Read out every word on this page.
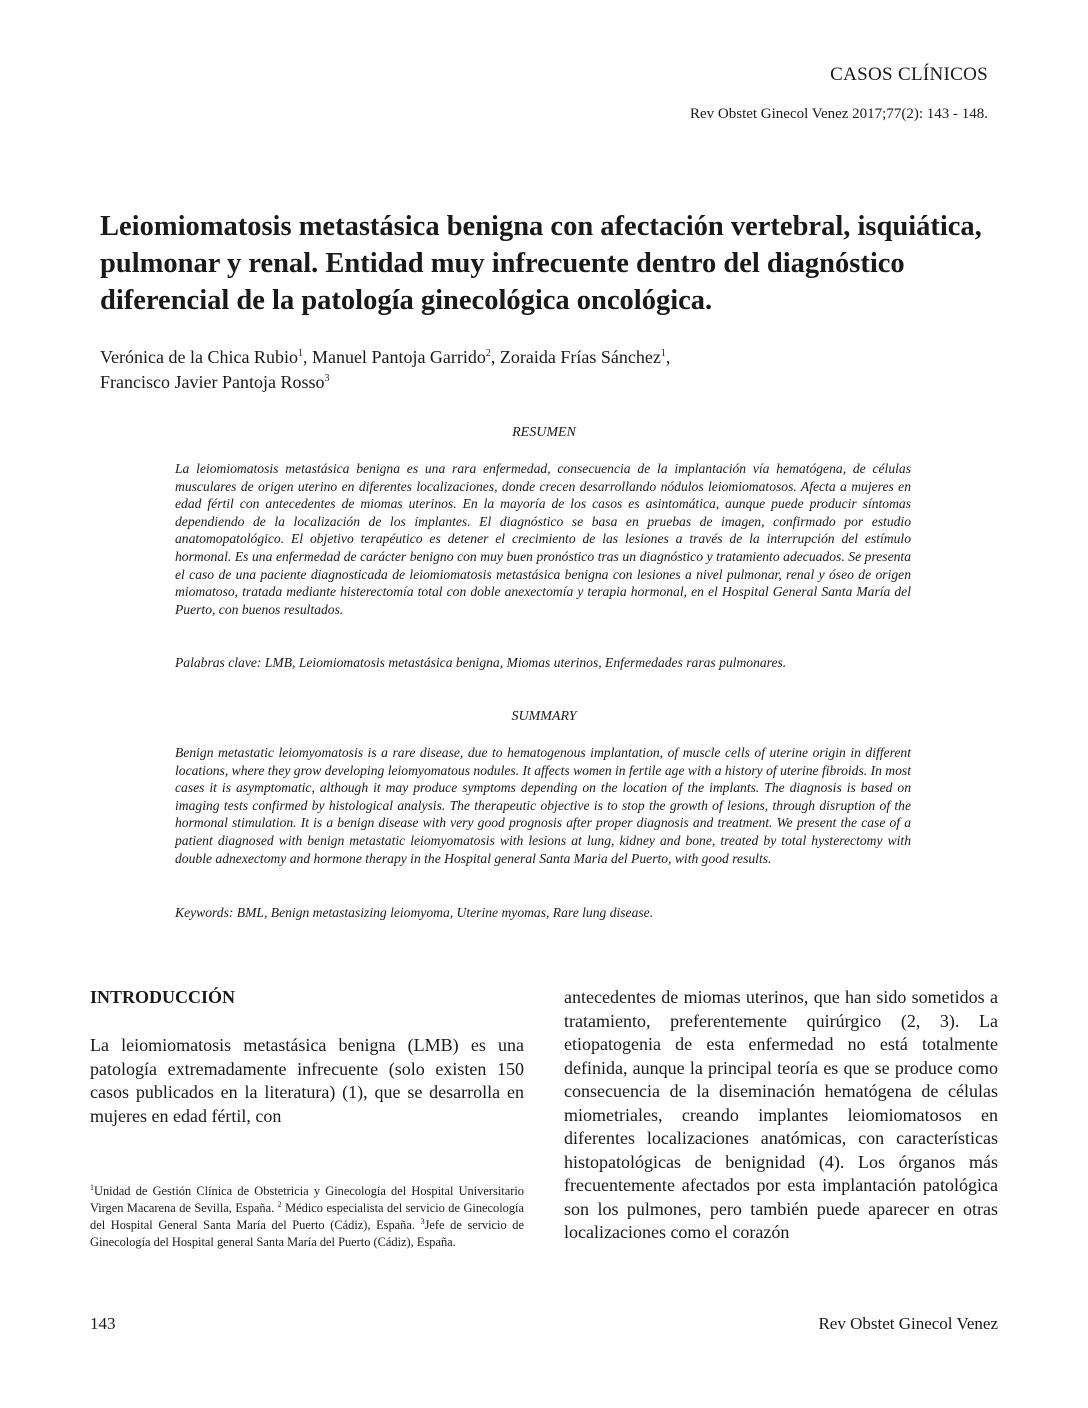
CASOS CLÍNICOS
Rev Obstet Ginecol Venez 2017;77(2): 143 - 148.
Leiomiomatosis metastásica benigna con afectación vertebral, isquiática, pulmonar y renal. Entidad muy infrecuente dentro del diagnóstico diferencial de la patología ginecológica oncológica.
Verónica de la Chica Rubio$^1$, Manuel Pantoja Garrido$^2$, Zoraida Frías Sánchez$^1$,
Francisco Javier Pantoja Rosso$^3$
RESUMEN

La leiomiomatosis metastásica benigna es una rara enfermedad, consecuencia de la implantación vía hematógena, de células musculares de origen uterino en diferentes localizaciones, donde crecen desarrollando nódulos leiomiomatosos. Afecta a mujeres en edad fértil con antecedentes de miomas uterinos. En la mayoría de los casos es asintomática, aunque puede producir síntomas dependiendo de la localización de los implantes. El diagnóstico se basa en pruebas de imagen, confirmado por estudio anatomopatológico. El objetivo terapéutico es detener el crecimiento de las lesiones a través de la interrupción del estímulo hormonal. Es una enfermedad de carácter benigno con muy buen pronóstico tras un diagnóstico y tratamiento adecuados. Se presenta el caso de una paciente diagnosticada de leiomiomatosis metastásica benigna con lesiones a nivel pulmonar, renal y óseo de origen miomatoso, tratada mediante histerectomía total con doble anexectomía y terapia hormonal, en el Hospital General Santa María del Puerto, con buenos resultados.

Palabras clave: LMB, Leiomiomatosis metastásica benigna, Miomas uterinos, Enfermedades raras pulmonares.
SUMMARY

Benign metastatic leiomyomatosis is a rare disease, due to hematogenous implantation, of muscle cells of uterine origin in different locations, where they grow developing leiomyomatous nodules. It affects women in fertile age with a history of uterine fibroids. In most cases it is asymptomatic, although it may produce symptoms depending on the location of the implants. The diagnosis is based on imaging tests confirmed by histological analysis. The therapeutic objective is to stop the growth of lesions, through disruption of the hormonal stimulation. It is a benign disease with very good prognosis after proper diagnosis and treatment. We present the case of a patient diagnosed with benign metastatic leiomyomatosis with lesions at lung, kidney and bone, treated by total hysterectomy with double adnexectomy and hormone therapy in the Hospital general Santa Maria del Puerto, with good results.

Keywords: BML, Benign metastasizing leiomyoma, Uterine myomas, Rare lung disease.
INTRODUCCIÓN

La leiomiomatosis metastásica benigna (LMB) es una patología extremadamente infrecuente (solo existen 150 casos publicados en la literatura) (1), que se desarrolla en mujeres en edad fértil, con

antecedentes de miomas uterinos, que han sido sometidos a tratamiento, preferentemente quirúrgico (2, 3). La etiopatogenia de esta enfermedad no está totalmente definida, aunque la principal teoría es que se produce como consecuencia de la diseminación hematógena de células miometriales, creando implantes leiomiomatosos en diferentes localizaciones anatómicas, con características histopatológicas de benignidad (4). Los órganos más frecuentemente afectados por esta implantación patológica son los pulmones, pero también puede aparecer en otras localizaciones como el corazón

$^1$Unidad de Gestión Clínica de Obstetricia y Ginecología del Hospital Universitario Virgen Macarena de Sevilla, España. $^2$ Médico especialista del servicio de Ginecología del Hospital General Santa María del Puerto (Cádiz), España. $^3$Jefe de servicio de Ginecología del Hospital general Santa María del Puerto (Cádiz), España.
143	Rev Obstet Ginecol Venez
